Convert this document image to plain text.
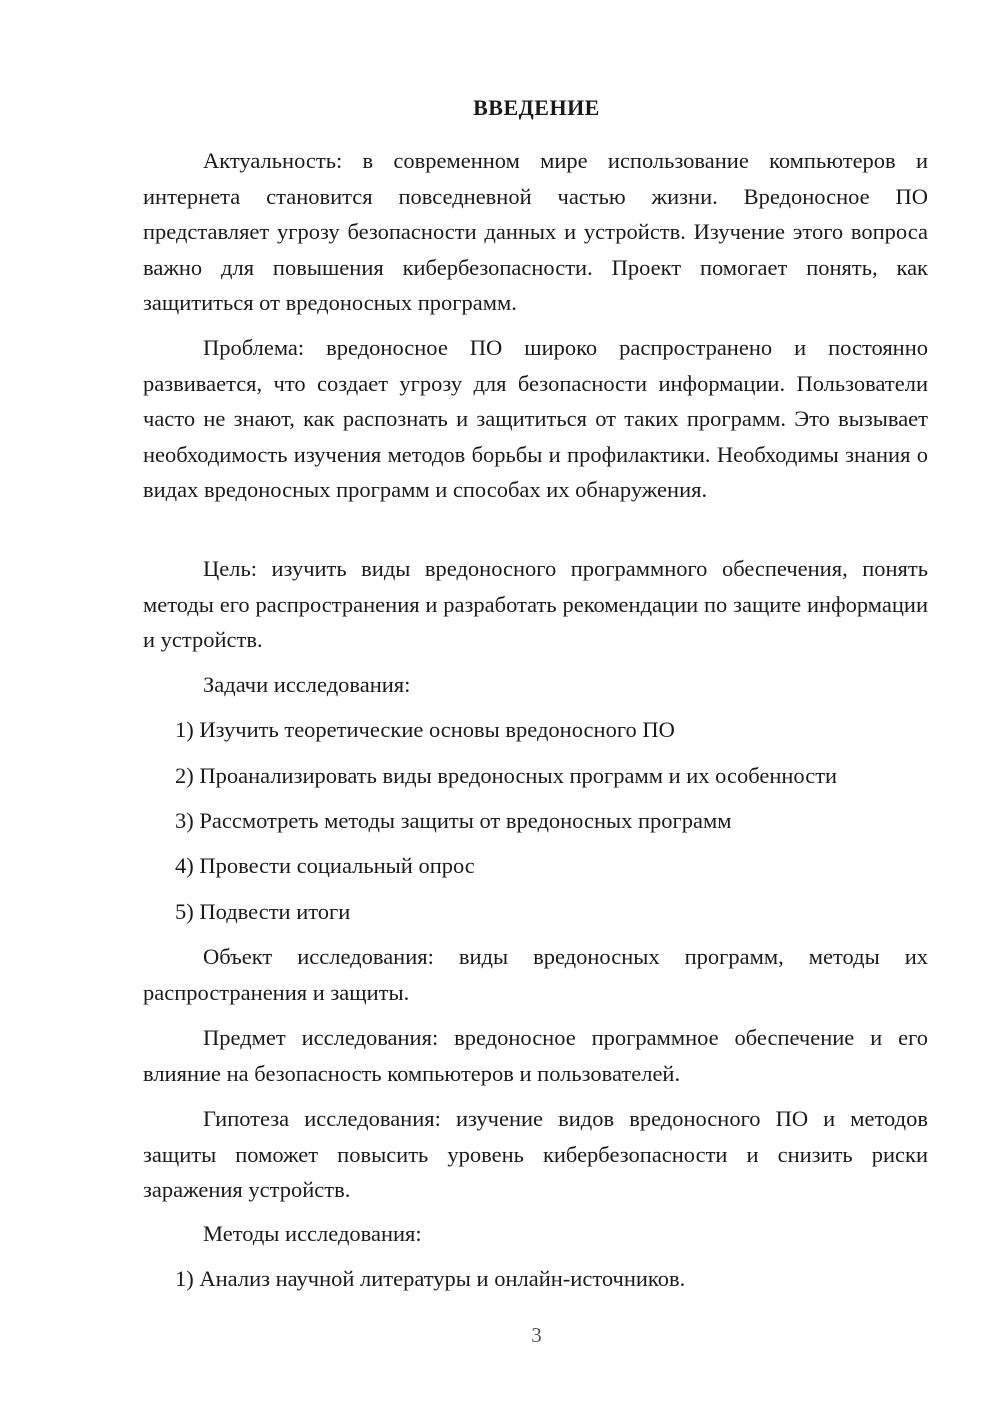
ВВЕДЕНИЕ

Актуальность: в современном мире использование компьютеров и интернета становится повседневной частью жизни. Вредоносное ПО представляет угрозу безопасности данных и устройств. Изучение этого вопроса важно для повышения кибербезопасности. Проект помогает понять, как защититься от вредоносных программ.

Проблема: вредоносное ПО широко распространено и постоянно развивается, что создает угрозу для безопасности информации. Пользователи часто не знают, как распознать и защититься от таких программ. Это вызывает необходимость изучения методов борьбы и профилактики. Необходимы знания о видах вредоносных программ и способах их обнаружения.

Цель: изучить виды вредоносного программного обеспечения, понять методы его распространения и разработать рекомендации по защите информации и устройств.

Задачи исследования:
1) Изучить теоретические основы вредоносного ПО
2) Проанализировать виды вредоносных программ и их особенности
3) Рассмотреть методы защиты от вредоносных программ
4) Провести социальный опрос
5) Подвести итоги

Объект исследования: виды вредоносных программ, методы их распространения и защиты.

Предмет исследования: вредоносное программное обеспечение и его влияние на безопасность компьютеров и пользователей.

Гипотеза исследования: изучение видов вредоносного ПО и методов защиты поможет повысить уровень кибербезопасности и снизить риски заражения устройств.

Методы исследования:
1) Анализ научной литературы и онлайн-источников.
3
